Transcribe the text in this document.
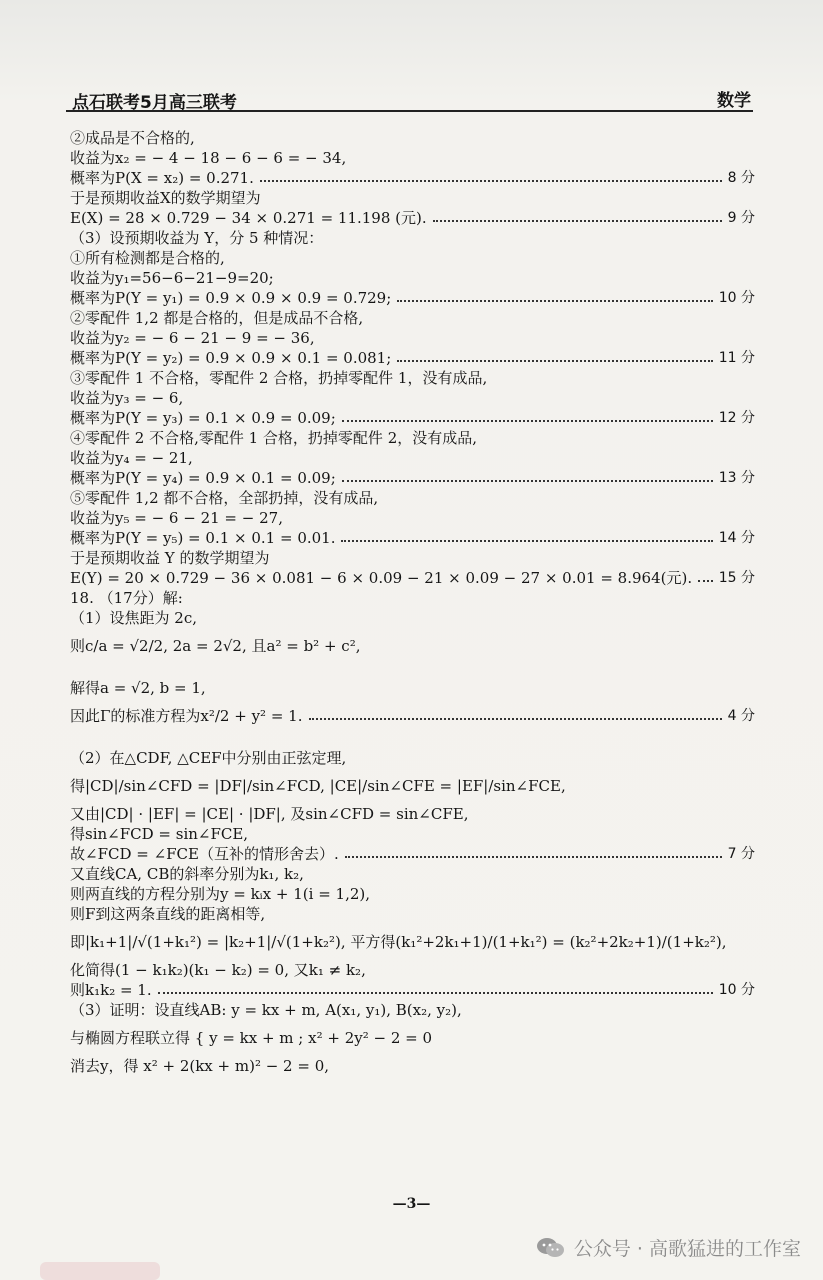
点石联考5月高三联考	数学
②成品是不合格的,
收益为x₂ = − 4 − 18 − 6 − 6 = − 34,
概率为P(X = x₂) = 0.271.	8 分
于是预期收益X的数学期望为
E(X) = 28 × 0.729 − 34 × 0.271 = 11.198 (元).	9 分
（3）设预期收益为 Y，分 5 种情况：
①所有检测都是合格的,
收益为y₁=56−6−21−9=20;
概率为P(Y = y₁) = 0.9 × 0.9 × 0.9 = 0.729;	10 分
②零配件 1,2 都是合格的，但是成品不合格,
收益为y₂ = − 6 − 21 − 9 = − 36,
概率为P(Y = y₂) = 0.9 × 0.9 × 0.1 = 0.081;	11 分
③零配件 1 不合格，零配件 2 合格，扔掉零配件 1，没有成品,
收益为y₃ = − 6,
概率为P(Y = y₃) = 0.1 × 0.9 = 0.09;	12 分
④零配件 2 不合格,零配件 1 合格，扔掉零配件 2，没有成品,
收益为y₄ = − 21,
概率为P(Y = y₄) = 0.9 × 0.1 = 0.09;	13 分
⑤零配件 1,2 都不合格，全部扔掉，没有成品,
收益为y₅ = − 6 − 21 = − 27,
概率为P(Y = y₅) = 0.1 × 0.1 = 0.01.	14 分
于是预期收益 Y 的数学期望为
E(Y) = 20 × 0.729 − 36 × 0.081 − 6 × 0.09 − 21 × 0.09 − 27 × 0.01 = 8.964(元). 15 分
18. （17分）解:
（1）设焦距为 2c,
则c/a = √2/2, 2a = 2√2, 且a² = b² + c²,
解得a = √2, b = 1,
因此Γ的标准方程为x²/2 + y² = 1.	4 分
（2）在△CDF, △CEF中分别由正弦定理,
得|CD|/sin∠CFD = |DF|/sin∠FCD, |CE|/sin∠CFE = |EF|/sin∠FCE,
又由|CD| · |EF| = |CE| · |DF|, 及sin∠CFD = sin∠CFE,
得sin∠FCD = sin∠FCE,
故∠FCD = ∠FCE（互补的情形舍去）.	7 分
又直线CA, CB的斜率分别为k₁, k₂,
则两直线的方程分别为y = kᵢx + 1(i = 1,2),
则F到这两条直线的距离相等,
即|k₁+1|/√(1+k₁²) = |k₂+1|/√(1+k₂²), 平方得(k₁²+2k₁+1)/(1+k₁²) = (k₂²+2k₂+1)/(1+k₂²),
化简得(1 − k₁k₂)(k₁ − k₂) = 0, 又k₁ ≠ k₂,
则k₁k₂ = 1.	10 分
（3）证明：设直线AB: y = kx + m, A(x₁, y₁), B(x₂, y₂),
与椭圆方程联立得 { y = kx + m ; x² + 2y² − 2 = 0
消去y，得 x² + 2(kx + m)² − 2 = 0,
—3—
公众号 · 高歌猛进的工作室
